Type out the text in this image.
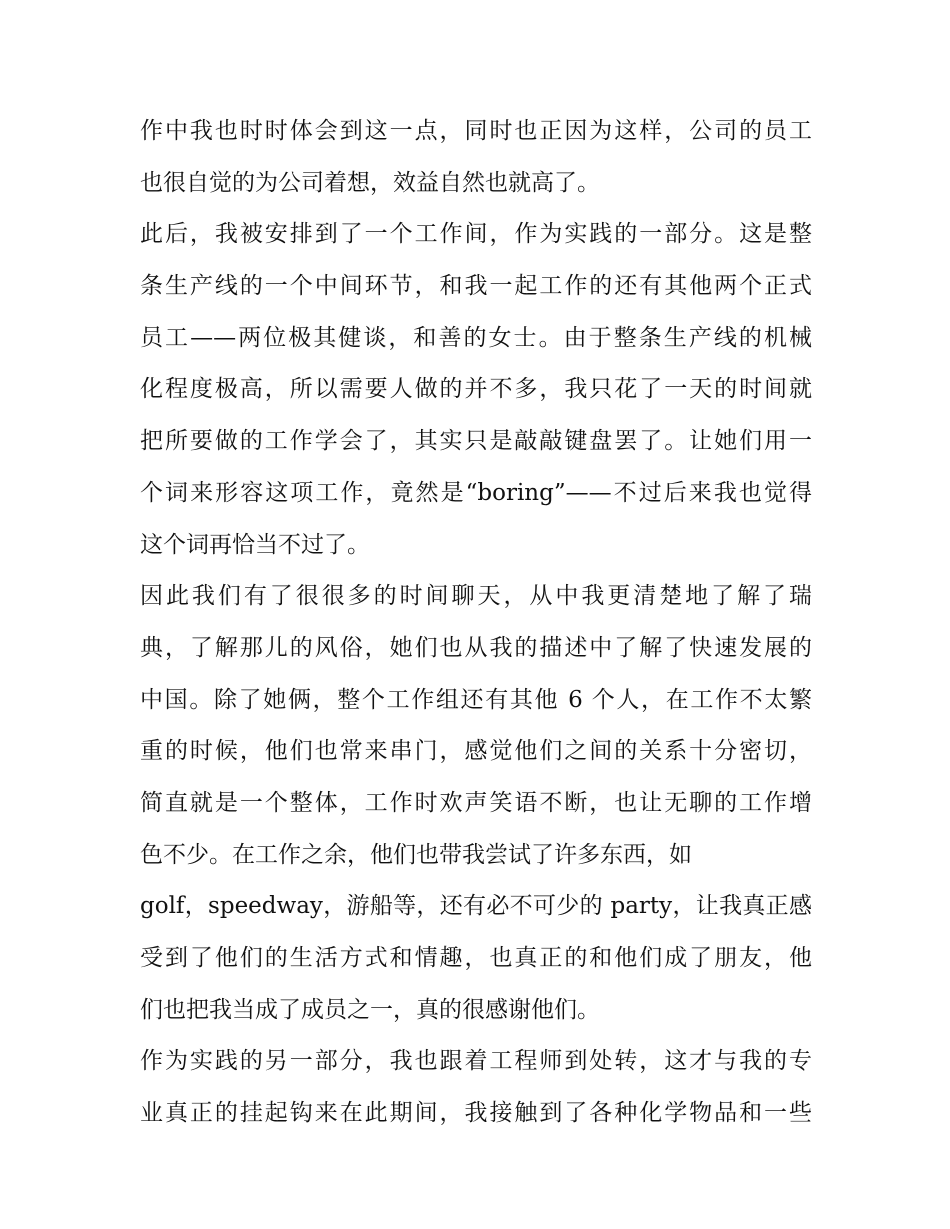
作中我也时时体会到这一点，同时也正因为这样，公司的员工
也很自觉的为公司着想，效益自然也就高了。
此后，我被安排到了一个工作间，作为实践的一部分。这是整
条生产线的一个中间环节，和我一起工作的还有其他两个正式
员工——两位极其健谈，和善的女士。由于整条生产线的机械
化程度极高，所以需要人做的并不多，我只花了一天的时间就
把所要做的工作学会了，其实只是敲敲键盘罢了。让她们用一
个词来形容这项工作，竟然是“boring”——不过后来我也觉得
这个词再恰当不过了。
因此我们有了很很多的时间聊天，从中我更清楚地了解了瑞
典，了解那儿的风俗，她们也从我的描述中了解了快速发展的
中国。除了她俩，整个工作组还有其他 6 个人，在工作不太繁
重的时候，他们也常来串门，感觉他们之间的关系十分密切，
简直就是一个整体，工作时欢声笑语不断，也让无聊的工作增
色不少。在工作之余，他们也带我尝试了许多东西，如
golf，speedway，游船等，还有必不可少的 party，让我真正感
受到了他们的生活方式和情趣，也真正的和他们成了朋友，他
们也把我当成了成员之一，真的很感谢他们。
作为实践的另一部分，我也跟着工程师到处转，这才与我的专
业真正的挂起钩来在此期间，我接触到了各种化学物品和一些
